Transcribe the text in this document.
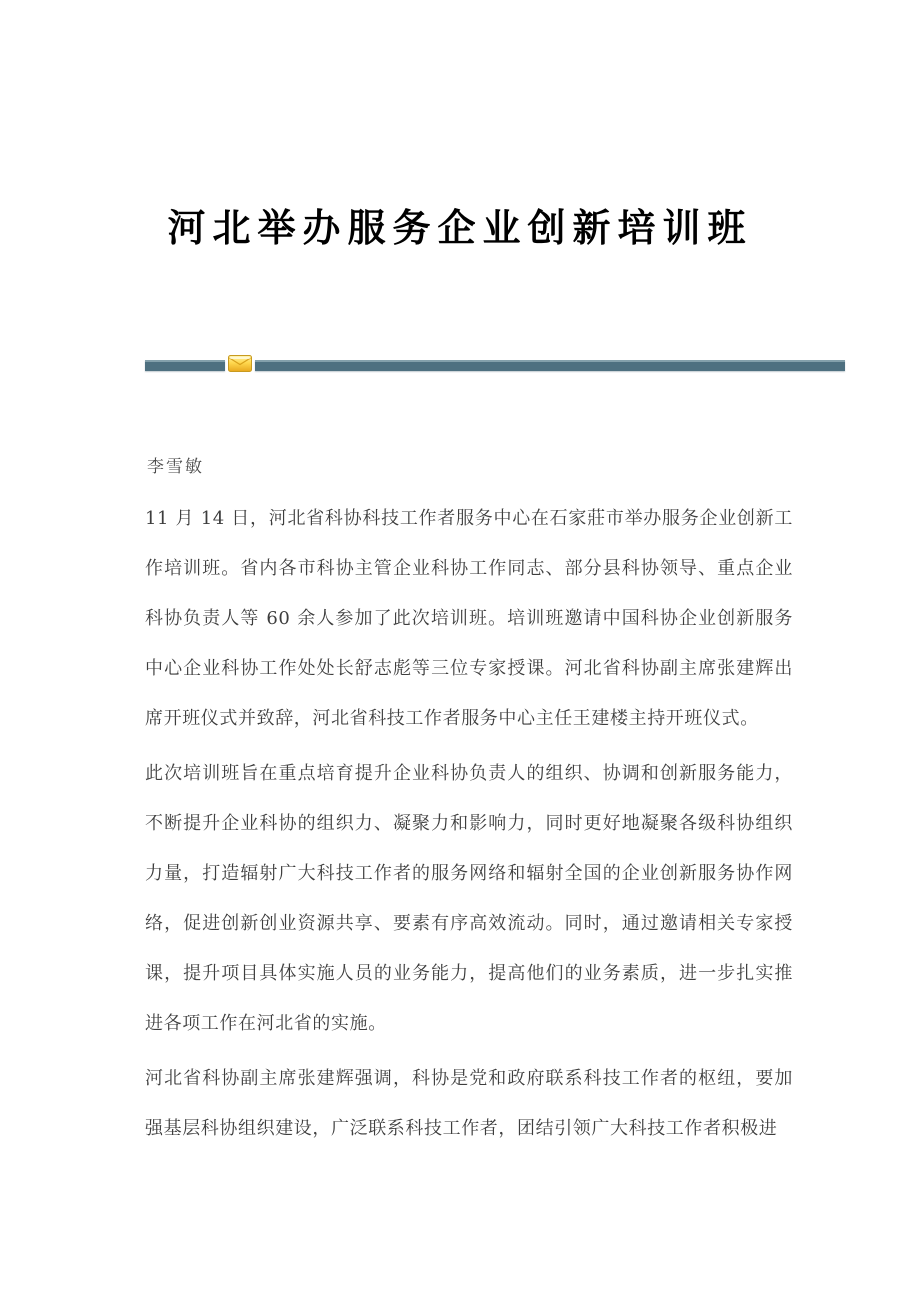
河北举办服务企业创新培训班

李雪敏

11 月 14 日，河北省科协科技工作者服务中心在石家莊市举办服务企业创新工作培训班。省内各市科协主管企业科协工作同志、部分县科协领导、重点企业科协负责人等 60 余人参加了此次培训班。培训班邀请中国科协企业创新服务中心企业科协工作处处长舒志彪等三位专家授课。河北省科协副主席张建辉出席开班仪式并致辞，河北省科技工作者服务中心主任王建楼主持开班仪式。

此次培训班旨在重点培育提升企业科协负责人的组织、协调和创新服务能力，不断提升企业科协的组织力、凝聚力和影响力，同时更好地凝聚各级科协组织力量，打造辐射广大科技工作者的服务网络和辐射全国的企业创新服务协作网络，促进创新创业资源共享、要素有序高效流动。同时，通过邀请相关专家授课，提升项目具体实施人员的业务能力，提高他们的业务素质，进一步扎实推进各项工作在河北省的实施。

河北省科协副主席张建辉强调，科协是党和政府联系科技工作者的枢纽，要加强基层科协组织建设，广泛联系科技工作者，团结引领广大科技工作者积极进
